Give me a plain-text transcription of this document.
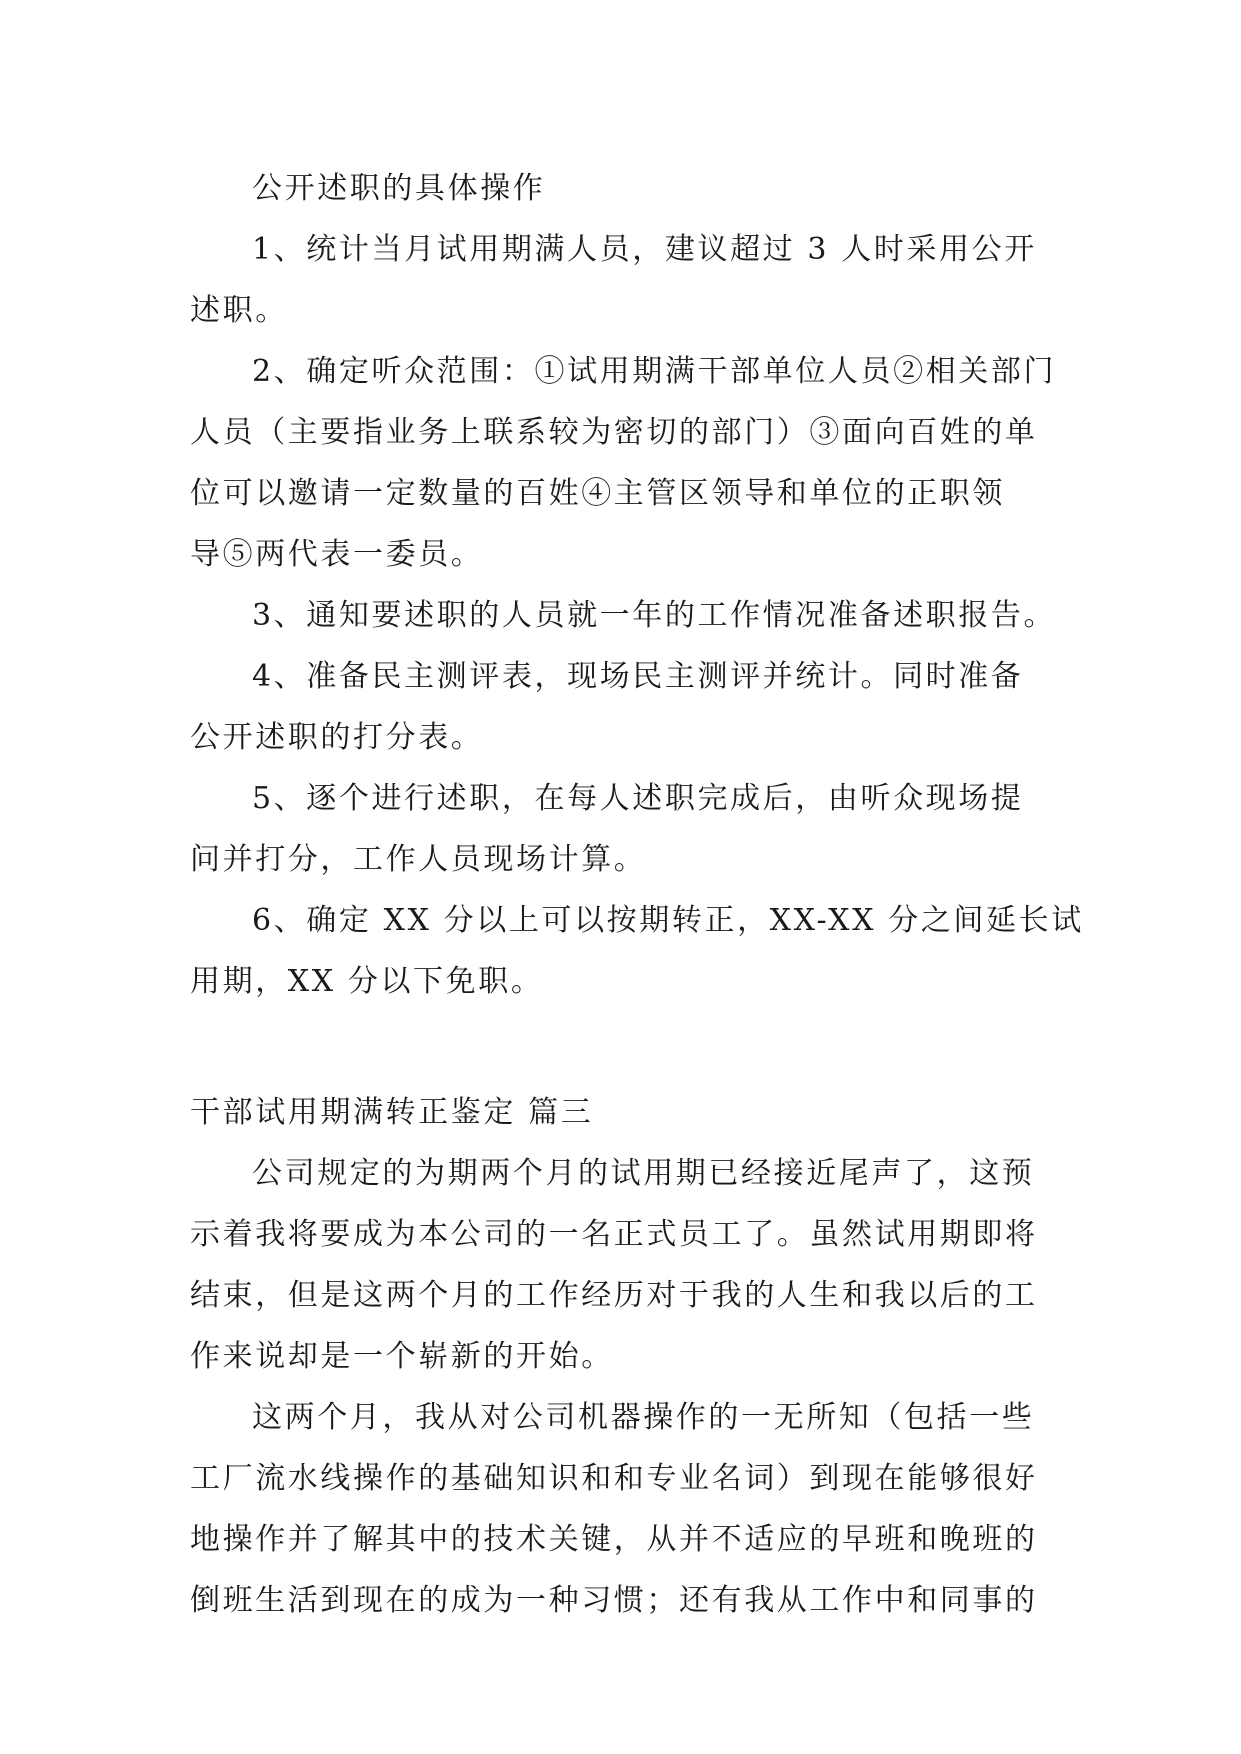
公开述职的具体操作
1、统计当月试用期满人员，建议超过 3 人时采用公开
述职。
2、确定听众范围：①试用期满干部单位人员②相关部门
人员（主要指业务上联系较为密切的部门）③面向百姓的单
位可以邀请一定数量的百姓④主管区领导和单位的正职领
导⑤两代表一委员。
3、通知要述职的人员就一年的工作情况准备述职报告。
4、准备民主测评表，现场民主测评并统计。同时准备
公开述职的打分表。
5、逐个进行述职，在每人述职完成后，由听众现场提
问并打分，工作人员现场计算。
6、确定 XX 分以上可以按期转正，XX-XX 分之间延长试
用期，XX 分以下免职。
干部试用期满转正鉴定 篇三
公司规定的为期两个月的试用期已经接近尾声了，这预
示着我将要成为本公司的一名正式员工了。虽然试用期即将
结束，但是这两个月的工作经历对于我的人生和我以后的工
作来说却是一个崭新的开始。
这两个月，我从对公司机器操作的一无所知（包括一些
工厂流水线操作的基础知识和和专业名词）到现在能够很好
地操作并了解其中的技术关键，从并不适应的早班和晚班的
倒班生活到现在的成为一种习惯；还有我从工作中和同事的
